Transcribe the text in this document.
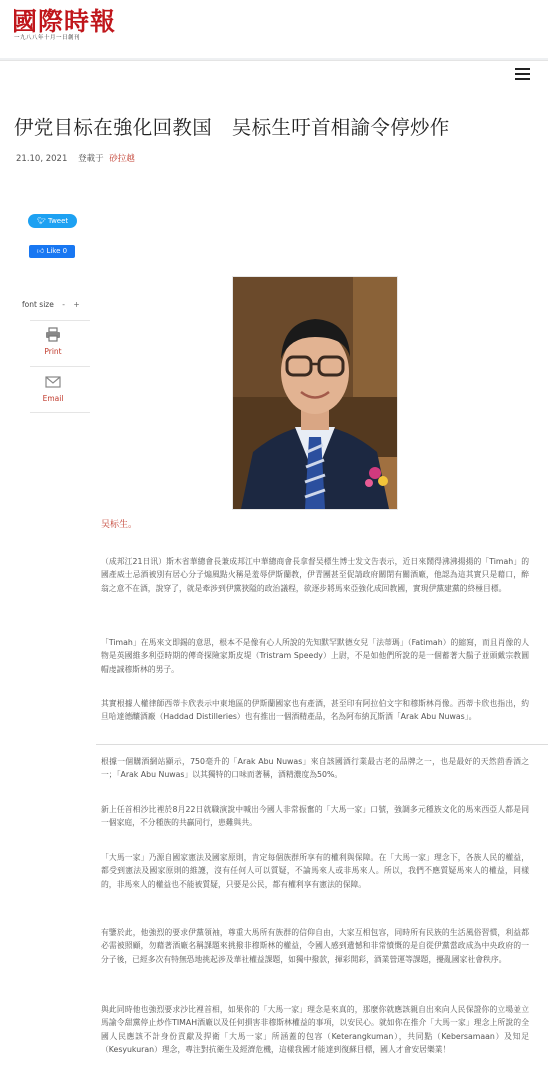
國際時報
一九八八年十月一日創刊
伊党目标在強化回教国　吴标生吁首相諭令停炒作
21.10, 2021 登載于 砂拉越
🐦︎ Tweet
👍︎ Like 0
font size - +
Print
Email
吴标生。

（成邦江21日讯）斯木省華總會長兼成邦江中華總商會長拿督吴標生博士发文告表示，近日來鬧得沸沸揚揚的「Timah」的國產威士忌酒被別有居心分子煽風點火稱是羞辱伊斯蘭教，伊青團甚至促請政府關閉有關酒廠，他認為這其實只是藉口，醉翁之意不在酒，說穿了，就是牽涉到伊黨狹隘的政治議程，欲逐步將馬來亞強化成回教國，實現伊黨建黨的終極目標。

「Timah」在馬來文即錫的意思，根本不是像有心人所說的先知默罕默德女兒「法蒂瑪」（Fatimah）的縮寫，而且肖像的人物是英國維多利亞時期的傳奇探險家斯皮堤（Tristram Speedy）上尉，不是如他們所說的是一個蓄著大鬍子並頭戴宗教圓帽虔誠穆斯林的男子。

其實根據人權律師西蒂卡欣表示中東地區的伊斯蘭國家也有產酒，甚至印有阿拉伯文字和穆斯林肖像。西蒂卡欣也指出，約旦哈達德釀酒廠（Haddad Distilleries）也有推出一個酒精產品，名為阿布納瓦斯酒「Arak Abu Nuwas」。

根據一個購酒網站顯示，750毫升的「Arak Abu Nuwas」來自該國酒行業最古老的品牌之一，也是最好的天然茴香酒之一；「Arak Abu Nuwas」以其獨特的口味而著稱，酒精濃度為50%。

新上任首相沙比裡於8月22日就職演說中喊出今國人非常振奮的「大馬一家」口號，強調多元種族文化的馬來西亞人都是同一個家庭，不分種族的共贏同行，患難與共。

「大馬一家」乃源自國家憲法及國家原則，肯定每個族群所享有的權利與保障。在「大馬一家」理念下，各族人民的權益，都受到憲法及國家原則的維護，沒有任何人可以質疑，不論馬來人或非馬來人。所以，我們不應質疑馬來人的權益，同樣的，非馬來人的權益也不能被質疑，只要是公民，都有權利享有憲法的保障。

有鑒於此，他強烈的要求伊黨領袖，尊重大馬所有族群的信仰自由，大家互相包容，同時所有民族的生活風俗習慣，利益都必需被照顧，勿藉著酒廠名稱課題來挑撥非穆斯林的權益，令國人感到遺憾和非常憤慨的是自從伊黨當政成為中央政府的一分子後，已經多次有特無恐地挑起涉及華社權益課題，如獨中撥款，揮彩開彩，酒業營運等課題，擾亂國家社會秩序。

與此同時他也強烈要求沙比裡首相，如果你的「大馬一家」理念是來真的，那麼你就應該親自出來向人民保證你的立場並立馬諭令甜黨停止炒作TIMAH酒廠以及任何損害非穆斯林權益的事項，以安民心。就如你在推介「大馬一家」理念上所說的全國人民應該不計身份貢獻及捍衛「大馬一家」所涵蓋的包容（Keterangkuman），共同點（Kebersamaan）及知足（Kesyukuran）理念，專注對抗衛生及經濟危機，這樣我國才能達到復蘇目標，國人才會安居樂業！
